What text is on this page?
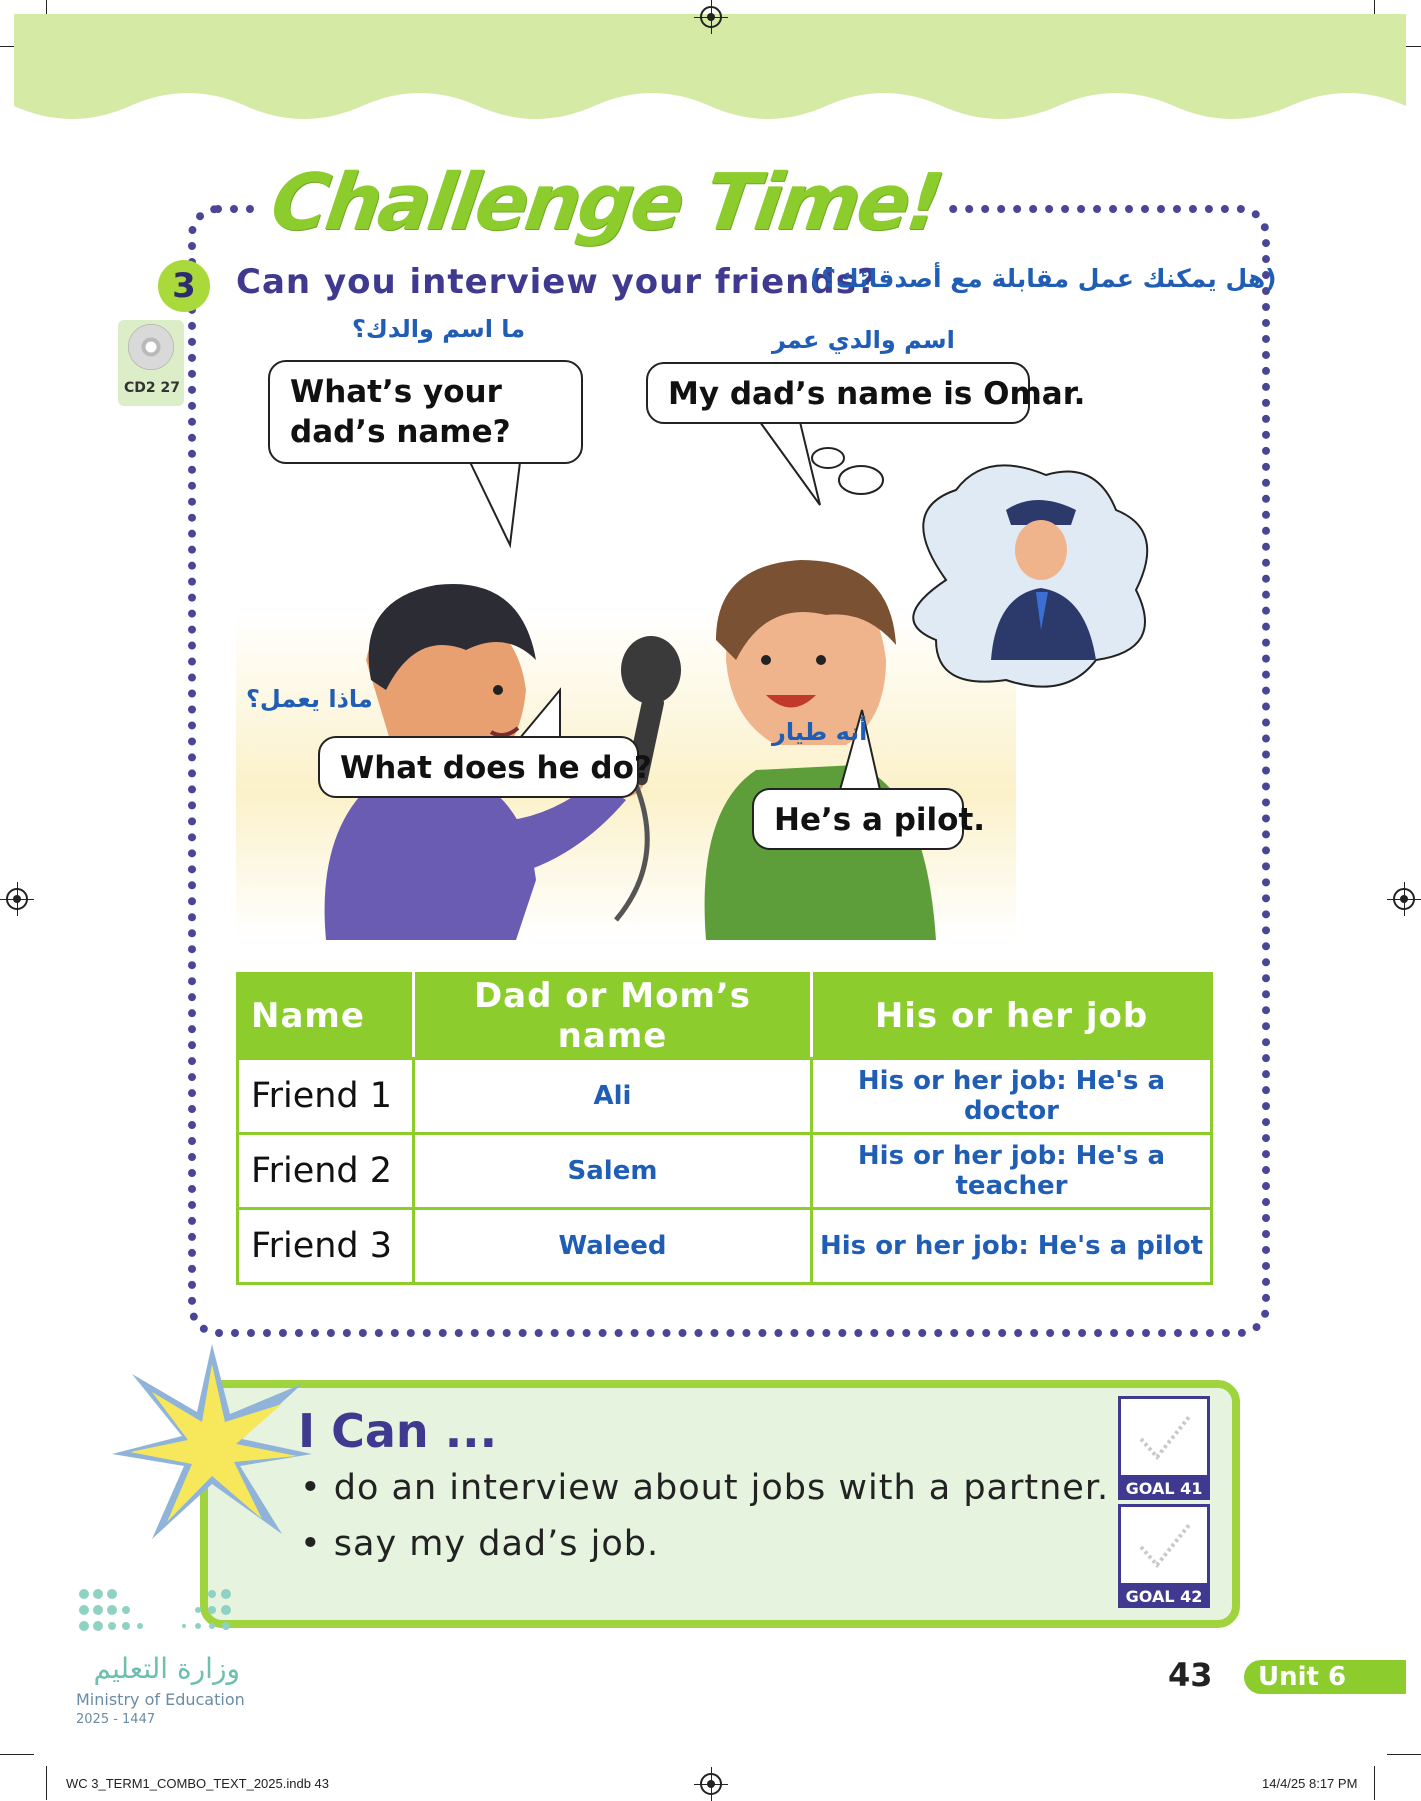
Challenge Time!
3
CD2 27
Can you interview your friends?
(هل يمكنك عمل مقابلة مع أصدقائك؟)
What’s your dad’s name?
My dad’s name is Omar.
What does he do?
He’s a pilot.
ما اسم والدك؟	اسم والدي عمر
ماذا يعمل؟
أنه طيار
Name	Dad or Mom’s name	His or her job
Friend 1	Ali	His or her job: He's a doctor
Friend 2	Salem	His or her job: He's a teacher
Friend 3	Waleed	His or her job: He's a pilot
I Can ...
• do an interview about jobs with a partner.
• say my dad’s job.
GOAL 41
GOAL 42
وزارة التعليم
Ministry of Education
2025 - 1447
43	Unit 6
WC 3_TERM1_COMBO_TEXT_2025.indb 43	14/4/25 8:17 PM
